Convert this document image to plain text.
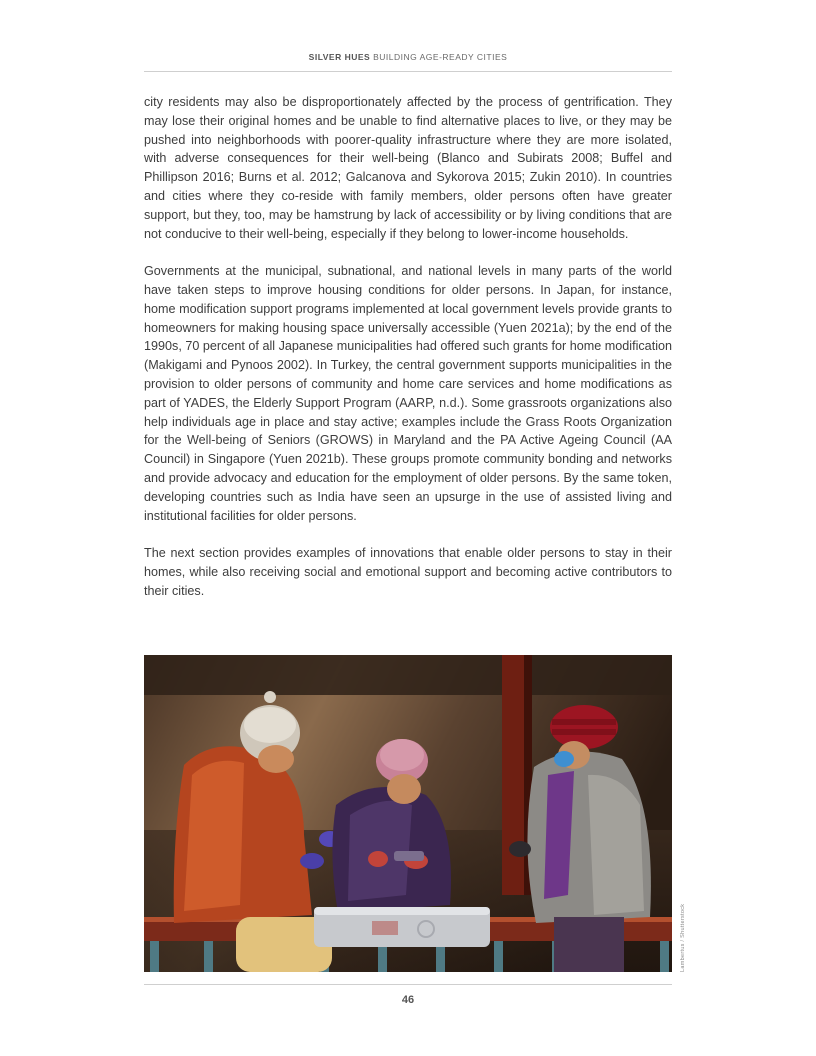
SILVER HUES BUILDING AGE-READY CITIES

city residents may also be disproportionately affected by the process of gentrification. They may lose their original homes and be unable to find alternative places to live, or they may be pushed into neighborhoods with poorer-quality infrastructure where they are more isolated, with adverse consequences for their well-being (Blanco and Subirats 2008; Buffel and Phillipson 2016; Burns et al. 2012; Galcanova and Sykorova 2015; Zukin 2010). In countries and cities where they co-reside with family members, older persons often have greater support, but they, too, may be hamstrung by lack of accessibility or by living conditions that are not conducive to their well-being, especially if they belong to lower-income households.

Governments at the municipal, subnational, and national levels in many parts of the world have taken steps to improve housing conditions for older persons. In Japan, for instance, home modification support programs implemented at local government levels provide grants to homeowners for making housing space universally accessible (Yuen 2021a); by the end of the 1990s, 70 percent of all Japanese municipalities had offered such grants for home modification (Makigami and Pynoos 2002). In Turkey, the central government supports municipalities in the provision to older persons of community and home care services and home modifications as part of YADES, the Elderly Support Program (AARP, n.d.). Some grassroots organizations also help individuals age in place and stay active; examples include the Grass Roots Organization for the Well-being of Seniors (GROWS) in Maryland and the PA Active Ageing Council (AA Council) in Singapore (Yuen 2021b). These groups promote community bonding and networks and provide advocacy and education for the employment of older persons. By the same token, developing countries such as India have seen an upsurge in the use of assisted living and institutional facilities for older persons.

The next section provides examples of innovations that enable older persons to stay in their homes, while also receiving social and emotional support and becoming active contributors to their cities.

Lambertus / Shutterstock
46
